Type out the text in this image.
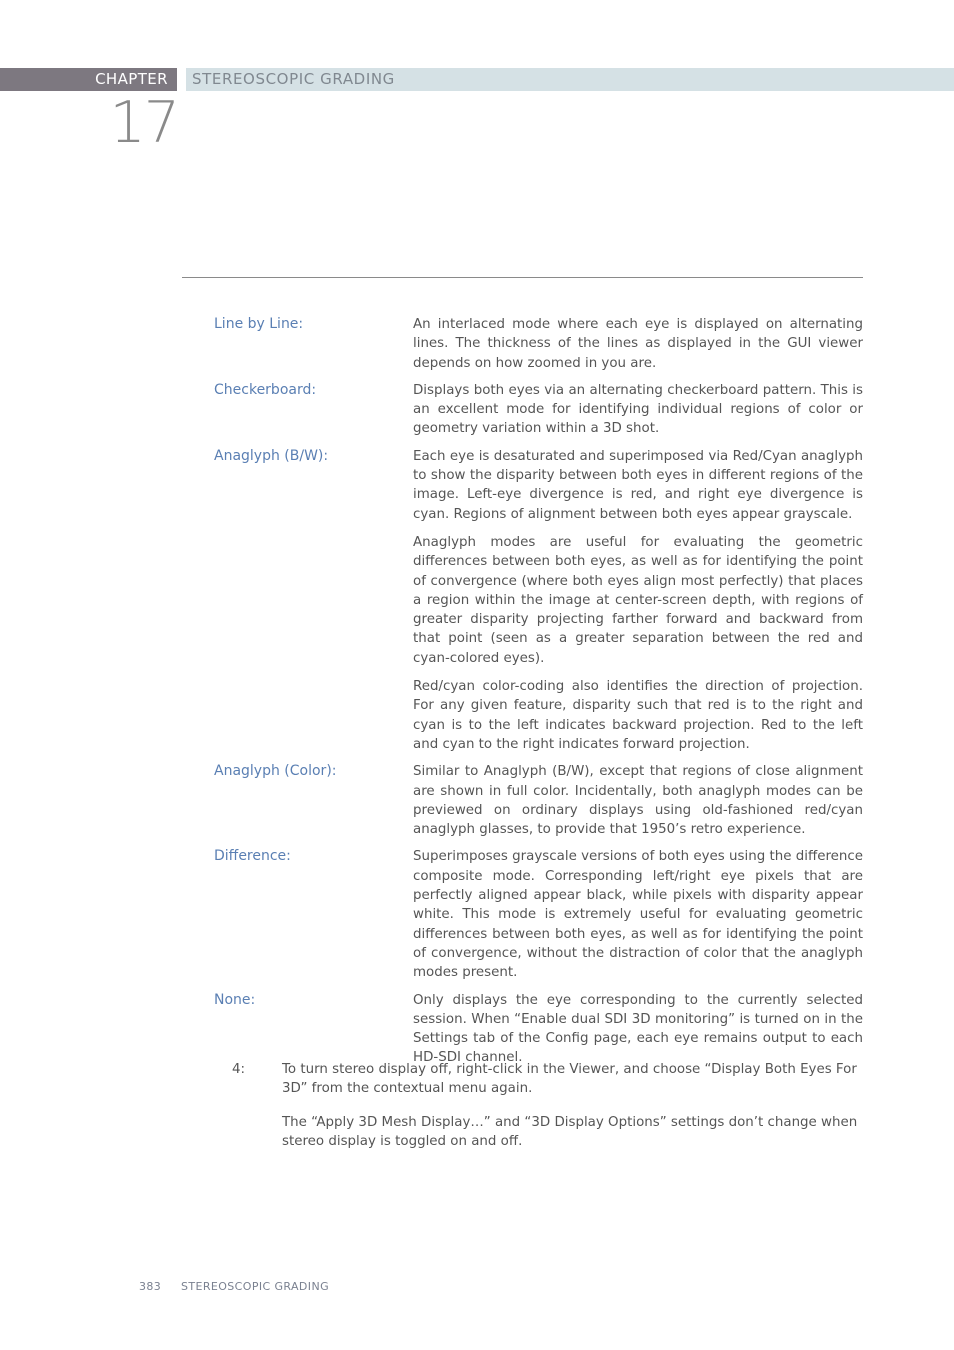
CHAPTER	STEREOSCOPIC GRADING
17
Line by Line:	An interlaced mode where each eye is displayed on alternating lines. The thickness of the lines as displayed in the GUI viewer depends on how zoomed in you are.

Checkerboard:	Displays both eyes via an alternating checkerboard pattern. This is an excellent mode for identifying individual regions of color or geometry variation within a 3D shot.

Anaglyph (B/W):	Each eye is desaturated and superimposed via Red/Cyan anaglyph to show the disparity between both eyes in different regions of the image. Left-eye divergence is red, and right eye divergence is cyan. Regions of alignment between both eyes appear grayscale.

Anaglyph modes are useful for evaluating the geometric differences between both eyes, as well as for identifying the point of convergence (where both eyes align most perfectly) that places a region within the image at center-screen depth, with regions of greater disparity projecting farther forward and backward from that point (seen as a greater separation between the red and cyan-colored eyes).

Red/cyan color-coding also identifies the direction of projection. For any given feature, disparity such that red is to the right and cyan is to the left indicates backward projection. Red to the left and cyan to the right indicates forward projection.

Anaglyph (Color):	Similar to Anaglyph (B/W), except that regions of close alignment are shown in full color. Incidentally, both anaglyph modes can be previewed on ordinary displays using old-fashioned red/cyan anaglyph glasses, to provide that 1950’s retro experience.

Difference:	Superimposes grayscale versions of both eyes using the difference composite mode. Corresponding left/right eye pixels that are perfectly aligned appear black, while pixels with disparity appear white. This mode is extremely useful for evaluating geometric differences between both eyes, as well as for identifying the point of convergence, without the distraction of color that the anaglyph modes present.

None:	Only displays the eye corresponding to the currently selected session. When “Enable dual SDI 3D monitoring” is turned on in the Settings tab of the Config page, each eye remains output to each HD-SDI channel.

4:	To turn stereo display off, right-click in the Viewer, and choose “Display Both Eyes For 3D” from the contextual menu again.

The “Apply 3D Mesh Display…” and “3D Display Options” settings don’t change when stereo display is toggled on and off.

383 STEREOSCOPIC GRADING
